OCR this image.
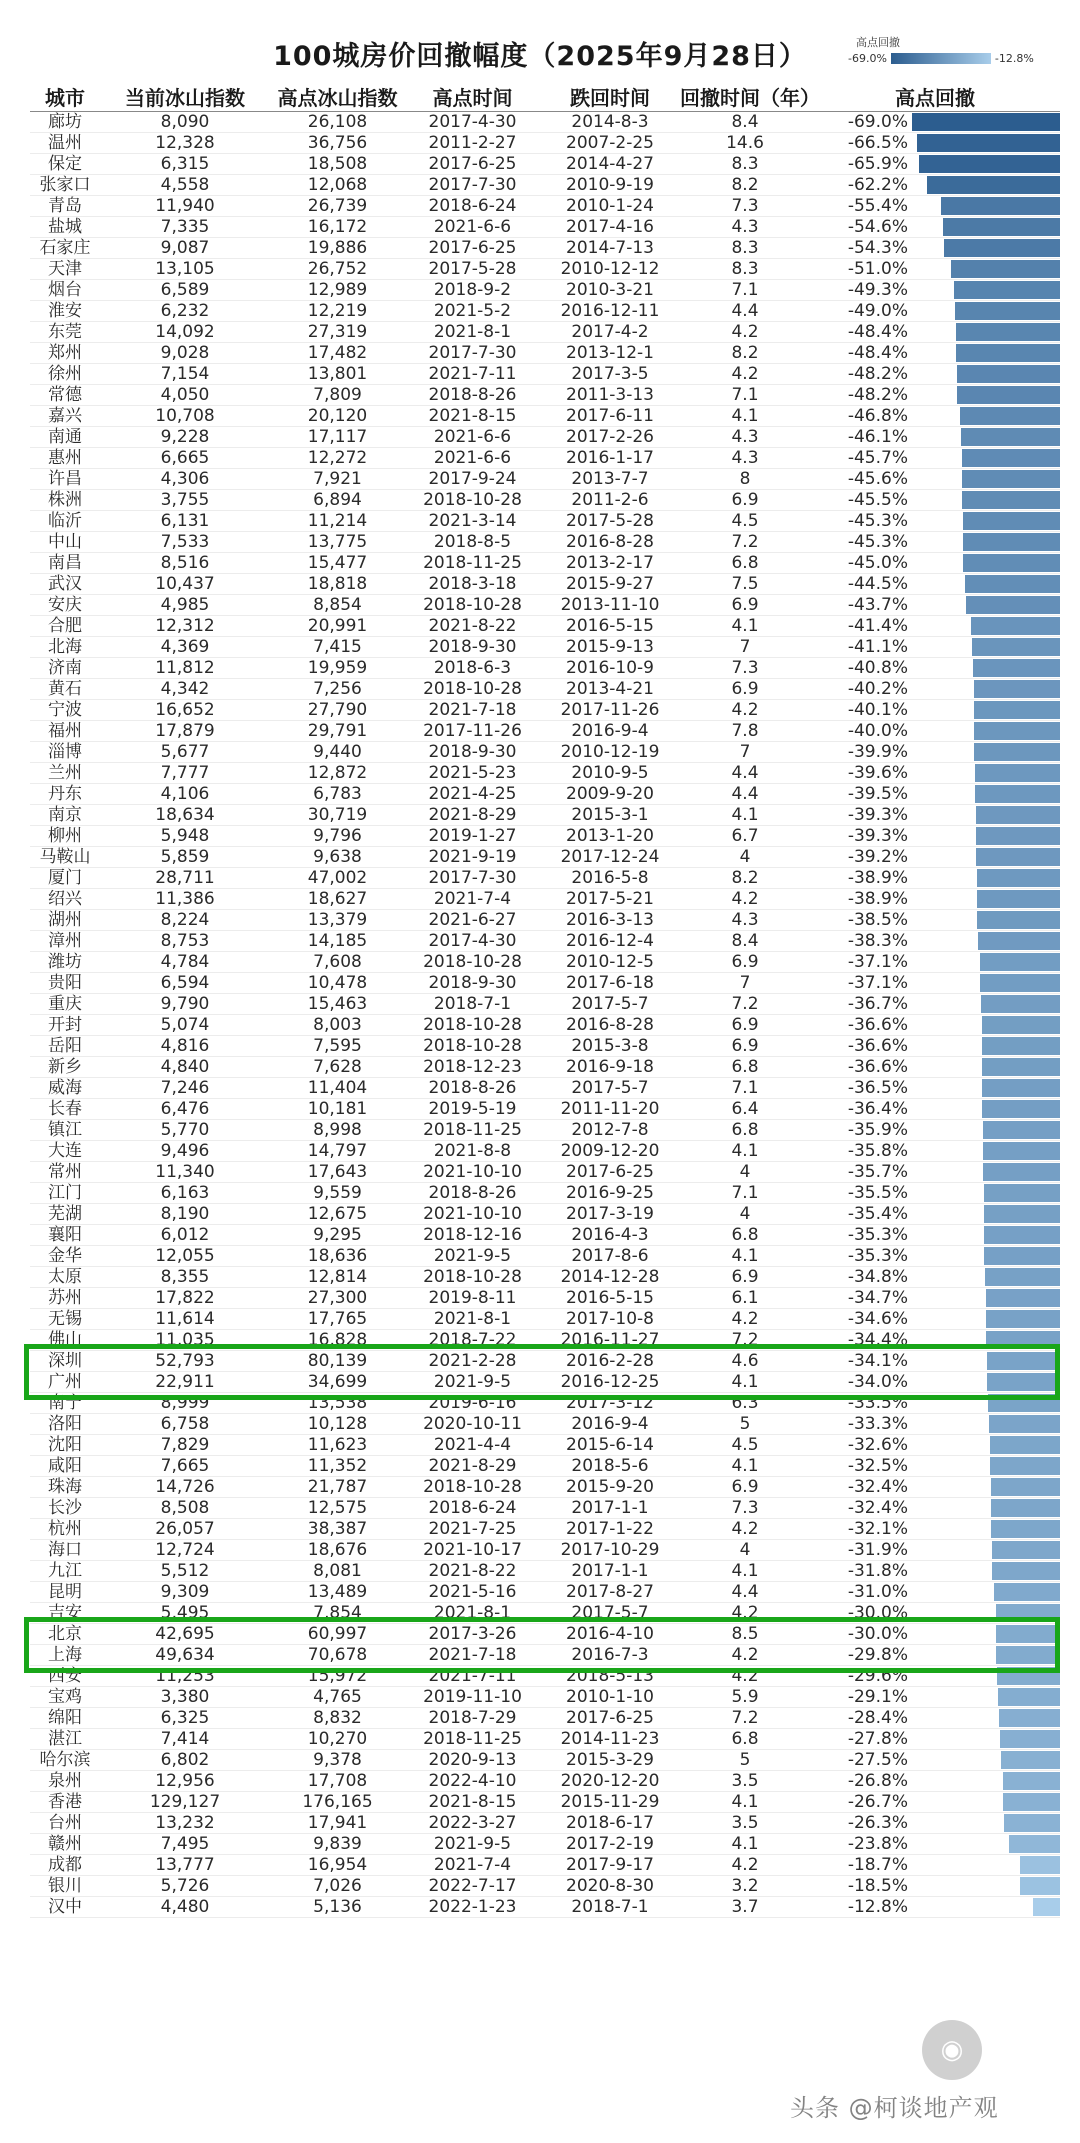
100城房价回撤幅度（2025年9月28日）	高点回撤
-69.0%	-12.8%
城市	当前冰山指数	高点冰山指数	高点时间	跌回时间	回撤时间（年）	高点回撤	
廊坊	8,090	26,108	2017-4-30	2014-8-3	8.4	-69.0%	

温州	12,328	36,756	2011-2-27	2007-2-25	14.6	-66.5%	

保定	6,315	18,508	2017-6-25	2014-4-27	8.3	-65.9%	

张家口	4,558	12,068	2017-7-30	2010-9-19	8.2	-62.2%	

青岛	11,940	26,739	2018-6-24	2010-1-24	7.3	-55.4%	

盐城	7,335	16,172	2021-6-6	2017-4-16	4.3	-54.6%	

石家庄	9,087	19,886	2017-6-25	2014-7-13	8.3	-54.3%	

天津	13,105	26,752	2017-5-28	2010-12-12	8.3	-51.0%	

烟台	6,589	12,989	2018-9-2	2010-3-21	7.1	-49.3%	

淮安	6,232	12,219	2021-5-2	2016-12-11	4.4	-49.0%	

东莞	14,092	27,319	2021-8-1	2017-4-2	4.2	-48.4%	

郑州	9,028	17,482	2017-7-30	2013-12-1	8.2	-48.4%	

徐州	7,154	13,801	2021-7-11	2017-3-5	4.2	-48.2%	

常德	4,050	7,809	2018-8-26	2011-3-13	7.1	-48.2%	

嘉兴	10,708	20,120	2021-8-15	2017-6-11	4.1	-46.8%	

南通	9,228	17,117	2021-6-6	2017-2-26	4.3	-46.1%	

惠州	6,665	12,272	2021-6-6	2016-1-17	4.3	-45.7%	

许昌	4,306	7,921	2017-9-24	2013-7-7	8	-45.6%	

株洲	3,755	6,894	2018-10-28	2011-2-6	6.9	-45.5%	

临沂	6,131	11,214	2021-3-14	2017-5-28	4.5	-45.3%	

中山	7,533	13,775	2018-8-5	2016-8-28	7.2	-45.3%	

南昌	8,516	15,477	2018-11-25	2013-2-17	6.8	-45.0%	

武汉	10,437	18,818	2018-3-18	2015-9-27	7.5	-44.5%	

安庆	4,985	8,854	2018-10-28	2013-11-10	6.9	-43.7%	

合肥	12,312	20,991	2021-8-22	2016-5-15	4.1	-41.4%	

北海	4,369	7,415	2018-9-30	2015-9-13	7	-41.1%	

济南	11,812	19,959	2018-6-3	2016-10-9	7.3	-40.8%	

黄石	4,342	7,256	2018-10-28	2013-4-21	6.9	-40.2%	

宁波	16,652	27,790	2021-7-18	2017-11-26	4.2	-40.1%	

福州	17,879	29,791	2017-11-26	2016-9-4	7.8	-40.0%	

淄博	5,677	9,440	2018-9-30	2010-12-19	7	-39.9%	

兰州	7,777	12,872	2021-5-23	2010-9-5	4.4	-39.6%	

丹东	4,106	6,783	2021-4-25	2009-9-20	4.4	-39.5%	

南京	18,634	30,719	2021-8-29	2015-3-1	4.1	-39.3%	

柳州	5,948	9,796	2019-1-27	2013-1-20	6.7	-39.3%	

马鞍山	5,859	9,638	2021-9-19	2017-12-24	4	-39.2%	

厦门	28,711	47,002	2017-7-30	2016-5-8	8.2	-38.9%	

绍兴	11,386	18,627	2021-7-4	2017-5-21	4.2	-38.9%	

湖州	8,224	13,379	2021-6-27	2016-3-13	4.3	-38.5%	

漳州	8,753	14,185	2017-4-30	2016-12-4	8.4	-38.3%	

潍坊	4,784	7,608	2018-10-28	2010-12-5	6.9	-37.1%	

贵阳	6,594	10,478	2018-9-30	2017-6-18	7	-37.1%	

重庆	9,790	15,463	2018-7-1	2017-5-7	7.2	-36.7%	

开封	5,074	8,003	2018-10-28	2016-8-28	6.9	-36.6%	

岳阳	4,816	7,595	2018-10-28	2015-3-8	6.9	-36.6%	

新乡	4,840	7,628	2018-12-23	2016-9-18	6.8	-36.6%	

威海	7,246	11,404	2018-8-26	2017-5-7	7.1	-36.5%	

长春	6,476	10,181	2019-5-19	2011-11-20	6.4	-36.4%	

镇江	5,770	8,998	2018-11-25	2012-7-8	6.8	-35.9%	

大连	9,496	14,797	2021-8-8	2009-12-20	4.1	-35.8%	

常州	11,340	17,643	2021-10-10	2017-6-25	4	-35.7%	

江门	6,163	9,559	2018-8-26	2016-9-25	7.1	-35.5%	

芜湖	8,190	12,675	2021-10-10	2017-3-19	4	-35.4%	

襄阳	6,012	9,295	2018-12-16	2016-4-3	6.8	-35.3%	

金华	12,055	18,636	2021-9-5	2017-8-6	4.1	-35.3%	

太原	8,355	12,814	2018-10-28	2014-12-28	6.9	-34.8%	

苏州	17,822	27,300	2019-8-11	2016-5-15	6.1	-34.7%	

无锡	11,614	17,765	2021-8-1	2017-10-8	4.2	-34.6%	

佛山	11,035	16,828	2018-7-22	2016-11-27	7.2	-34.4%	

深圳	52,793	80,139	2021-2-28	2016-2-28	4.6	-34.1%	

广州	22,911	34,699	2021-9-5	2016-12-25	4.1	-34.0%	

南宁	8,999	13,538	2019-6-16	2017-3-12	6.3	-33.5%	

洛阳	6,758	10,128	2020-10-11	2016-9-4	5	-33.3%	

沈阳	7,829	11,623	2021-4-4	2015-6-14	4.5	-32.6%	

咸阳	7,665	11,352	2021-8-29	2018-5-6	4.1	-32.5%	

珠海	14,726	21,787	2018-10-28	2015-9-20	6.9	-32.4%	

长沙	8,508	12,575	2018-6-24	2017-1-1	7.3	-32.4%	

杭州	26,057	38,387	2021-7-25	2017-1-22	4.2	-32.1%	

海口	12,724	18,676	2021-10-17	2017-10-29	4	-31.9%	

九江	5,512	8,081	2021-8-22	2017-1-1	4.1	-31.8%	

昆明	9,309	13,489	2021-5-16	2017-8-27	4.4	-31.0%	

吉安	5,495	7,854	2021-8-1	2017-5-7	4.2	-30.0%	

北京	42,695	60,997	2017-3-26	2016-4-10	8.5	-30.0%	

上海	49,634	70,678	2021-7-18	2016-7-3	4.2	-29.8%	

西安	11,253	15,972	2021-7-11	2018-5-13	4.2	-29.6%	

宝鸡	3,380	4,765	2019-11-10	2010-1-10	5.9	-29.1%	

绵阳	6,325	8,832	2018-7-29	2017-6-25	7.2	-28.4%	

湛江	7,414	10,270	2018-11-25	2014-11-23	6.8	-27.8%	

哈尔滨	6,802	9,378	2020-9-13	2015-3-29	5	-27.5%	

泉州	12,956	17,708	2022-4-10	2020-12-20	3.5	-26.8%	

香港	129,127	176,165	2021-8-15	2015-11-29	4.1	-26.7%	

台州	13,232	17,941	2022-3-27	2018-6-17	3.5	-26.3%	

赣州	7,495	9,839	2021-9-5	2017-2-19	4.1	-23.8%	

成都	13,777	16,954	2021-7-4	2017-9-17	4.2	-18.7%	

银川	5,726	7,026	2022-7-17	2020-8-30	3.2	-18.5%	

汉中	4,480	5,136	2022-1-23	2018-7-1	3.7	-12.8%	
◉
头条 @柯谈地产观
